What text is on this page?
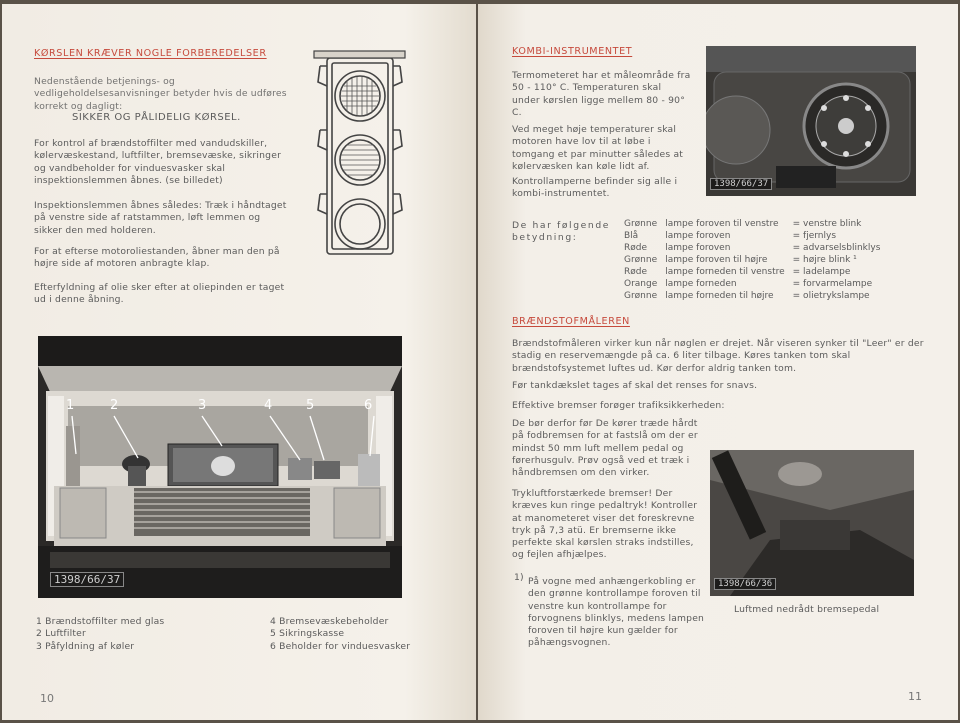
KØRSLEN KRÆVER NOGLE FORBEREDELSER
Nedenstående betjenings- og vedligeholdelsesanvisninger betyder hvis de udføres korrekt og dagligt:
SIKKER OG PÅLIDELIG KØRSEL.
For kontrol af brændstoffilter med vandudskiller, kølervæskestand, luftfilter, bremsevæske, sikringer og vandbeholder for vinduesvasker skal inspektionslemmen åbnes. (se billedet)
Inspektionslemmen åbnes således: Træk i håndtaget på venstre side af ratstammen, løft lemmen og sikker den med holderen.
For at efterse motoroliestanden, åbner man den på højre side af motoren anbragte klap.
Efterfyldning af olie sker efter at oliepinden er taget ud i denne åbning.
1	2	3	4	5	6
1398/66/37
1 Brændstoffilter med glas
2 Luftfilter
3 Påfyldning af køler
4 Bremsevæskebeholder
5 Sikringskasse
6 Beholder for vinduesvasker
10
KOMBI-INSTRUMENTET
Termometeret har et måleområde fra 50 - 110° C. Temperaturen skal under kørslen ligge mellem 80 - 90° C.
Ved meget høje temperaturer skal motoren have lov til at løbe i tomgang et par minutter således at kølervæsken kan køle lidt af.
Kontrollamperne befinder sig alle i kombi-instrumentet.
1398/66/37
De har følgende betydning:
Grønne	lampe foroven til venstre	= venstre blink
Blå	lampe foroven	= fjernlys
Røde	lampe foroven	= advarselsblinklys
Grønne	lampe foroven til højre	= højre blink ¹
Røde	lampe forneden til venstre	= ladelampe
Orange	lampe forneden	= forvarmelampe
Grønne	lampe forneden til højre	= olietrykslampe
BRÆNDSTOFMÅLEREN
Brændstofmåleren virker kun når nøglen er drejet. Når viseren synker til "Leer" er der stadig en reservemængde på ca. 6 liter tilbage. Køres tanken tom skal brændstofsystemet luftes ud. Kør derfor aldrig tanken tom.
Før tankdækslet tages af skal det renses for snavs.
Effektive bremser forøger trafiksikkerheden:
De bør derfor før De kører træde hårdt på fodbremsen for at fastslå om der er mindst 50 mm luft mellem pedal og førerhusgulv. Prøv også ved et træk i håndbremsen om den virker.
Trykluftforstærkede bremser! Der kræves kun ringe pedaltryk! Kontroller at manometeret viser det foreskrevne tryk på 7,3 atü. Er bremserne ikke perfekte skal kørslen straks indstilles, og fejlen afhjælpes.
1) På vogne med anhængerkobling er den grønne kontrollampe foroven til venstre kun kontrollampe for forvognens blinklys, medens lampen foroven til højre kun gælder for påhængsvognen.
1398/66/36
Luftmed nedrådt bremsepedal
11
